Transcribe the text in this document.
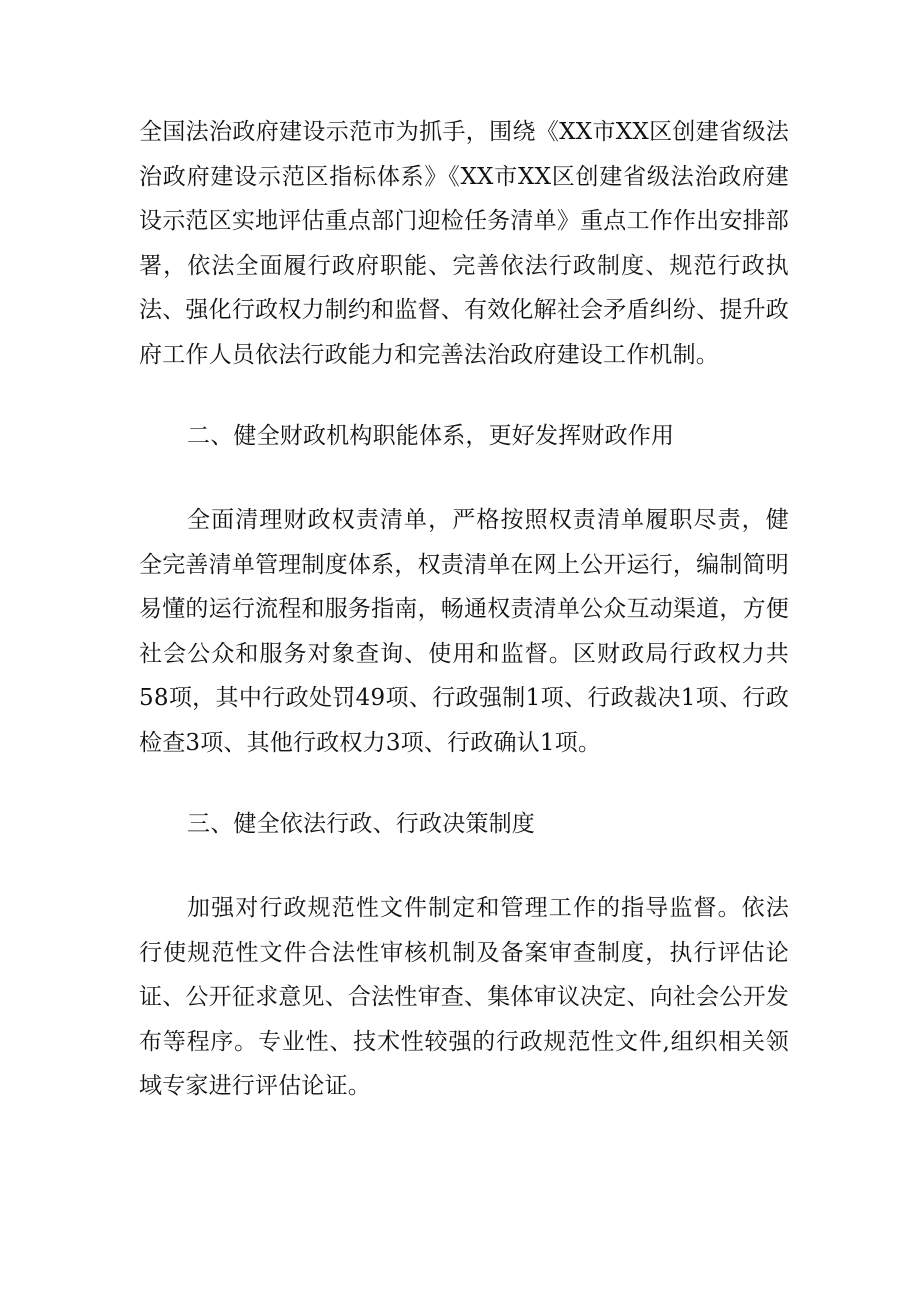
全国法治政府建设示范市为抓手，围绕《XX市XX区创建省级法治政府建设示范区指标体系》《XX市XX区创建省级法治政府建设示范区实地评估重点部门迎检任务清单》重点工作作出安排部署，依法全面履行政府职能、完善依法行政制度、规范行政执法、强化行政权力制约和监督、有效化解社会矛盾纠纷、提升政府工作人员依法行政能力和完善法治政府建设工作机制。

二、健全财政机构职能体系，更好发挥财政作用

全面清理财政权责清单，严格按照权责清单履职尽责，健全完善清单管理制度体系，权责清单在网上公开运行，编制简明易懂的运行流程和服务指南，畅通权责清单公众互动渠道，方便社会公众和服务对象查询、使用和监督。区财政局行政权力共58项，其中行政处罚49项、行政强制1项、行政裁决1项、行政检查3项、其他行政权力3项、行政确认1项。

三、健全依法行政、行政决策制度

加强对行政规范性文件制定和管理工作的指导监督。依法行使规范性文件合法性审核机制及备案审查制度，执行评估论证、公开征求意见、合法性审查、集体审议决定、向社会公开发布等程序。专业性、技术性较强的行政规范性文件,组织相关领域专家进行评估论证。
